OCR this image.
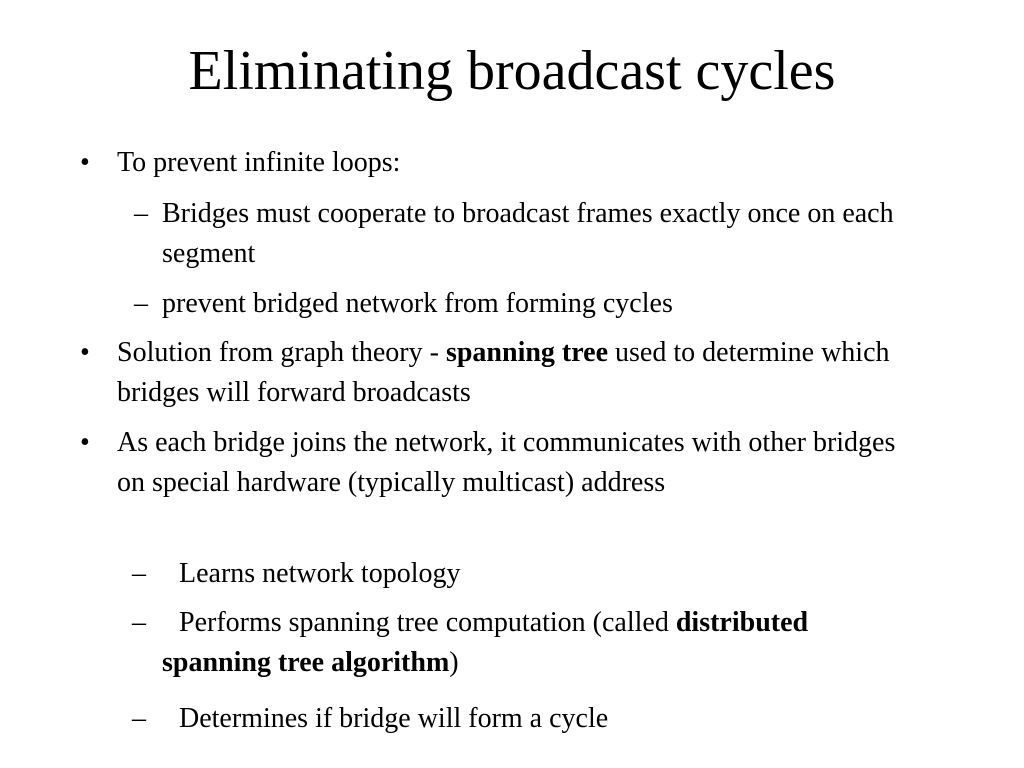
Eliminating broadcast cycles

• To prevent infinite loops:

– Bridges must cooperate to broadcast frames exactly once on each segment

– prevent bridged network from forming cycles

• Solution from graph theory - spanning tree used to determine which bridges will forward broadcasts

• As each bridge joins the network, it communicates with other bridges on special hardware (typically multicast) address

– Learns network topology

– Performs spanning tree computation (called distributed spanning tree algorithm)

– Determines if bridge will form a cycle
